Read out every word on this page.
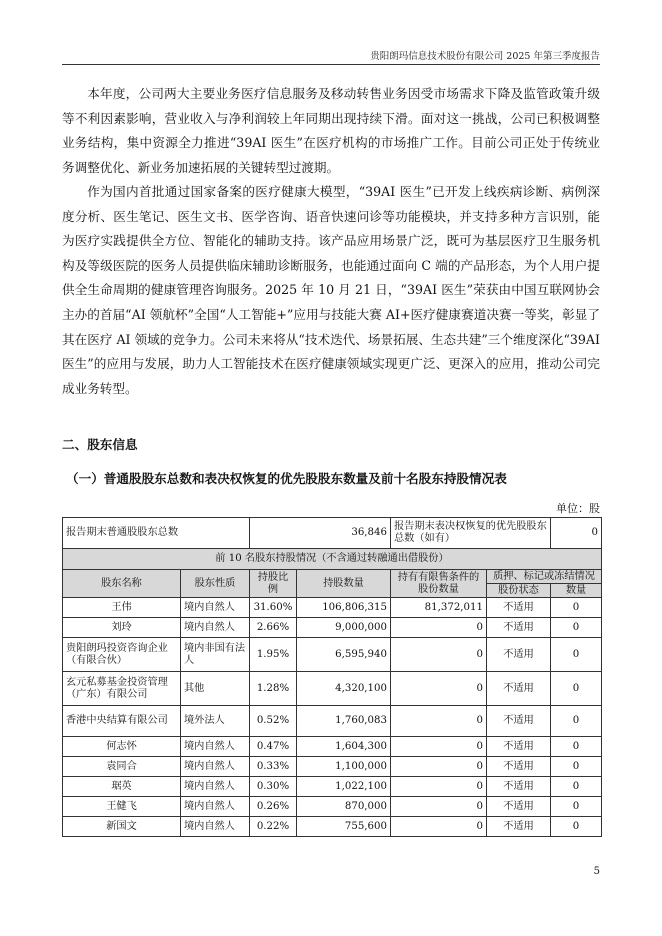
贵阳朗玛信息技术股份有限公司 2025 年第三季度报告

本年度，公司两大主要业务医疗信息服务及移动转售业务因受市场需求下降及监管政策升级等不利因素影响，营业收入与净利润较上年同期出现持续下滑。面对这一挑战，公司已积极调整业务结构，集中资源全力推进“39AI 医生”在医疗机构的市场推广工作。目前公司正处于传统业务调整优化、新业务加速拓展的关键转型过渡期。

作为国内首批通过国家备案的医疗健康大模型，“39AI 医生”已开发上线疾病诊断、病例深度分析、医生笔记、医生文书、医学咨询、语音快速问诊等功能模块，并支持多种方言识别，能为医疗实践提供全方位、智能化的辅助支持。该产品应用场景广泛，既可为基层医疗卫生服务机构及等级医院的医务人员提供临床辅助诊断服务，也能通过面向 C 端的产品形态，为个人用户提供全生命周期的健康管理咨询服务。2025 年 10 月 21 日，“39AI 医生”荣获由中国互联网协会主办的首届“AI 领航杯”全国“人工智能+”应用与技能大赛 AI+医疗健康赛道决赛一等奖，彰显了其在医疗 AI 领域的竞争力。公司未来将从“技术迭代、场景拓展、生态共建”三个维度深化“39AI 医生”的应用与发展，助力人工智能技术在医疗健康领域实现更广泛、更深入的应用，推动公司完成业务转型。

二、股东信息
（一）普通股股东总数和表决权恢复的优先股股东数量及前十名股东持股情况表
单位：股
报告期末普通股股东总数		36,846		报告期末表决权恢复的优先股股东总数（如有）		0
前 10 名股东持股情况（不含通过转融通出借股份）						
股东名称	股东性质	持股比例	持股数量	持有有限售条件的股份数量	质押、标记或冻结情况	
					股份状态	数量
王伟	境内自然人	31.60%	106,806,315	81,372,011	不适用	0
刘玲	境内自然人	2.66%	9,000,000	0	不适用	0
贵阳朗玛投资咨询企业（有限合伙）	境内非国有法人	1.95%	6,595,940	0	不适用	0
玄元私募基金投资管理（广东）有限公司	其他	1.28%	4,320,100	0	不适用	0
香港中央结算有限公司	境外法人	0.52%	1,760,083	0	不适用	0
何志怀	境内自然人	0.47%	1,604,300	0	不适用	0
袁同合	境内自然人	0.33%	1,100,000	0	不适用	0
琚英	境内自然人	0.30%	1,022,100	0	不适用	0
王健飞	境内自然人	0.26%	870,000	0	不适用	0
新国文	境内自然人	0.22%	755,600	0	不适用	0
5
